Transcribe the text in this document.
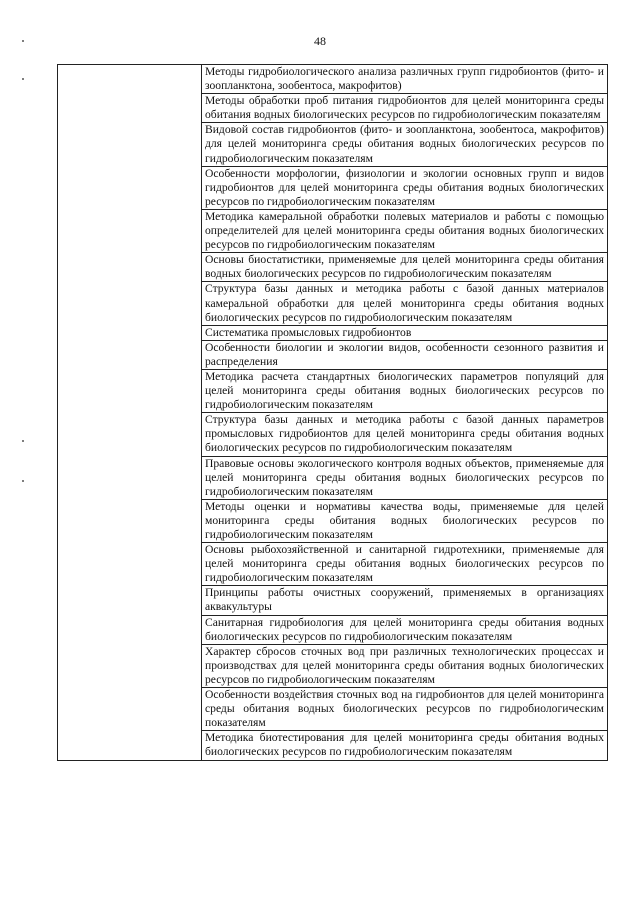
48

Методы гидробиологического анализа различных групп гидробионтов (фито- и зоопланктона, зообентоса, макрофитов)
Методы обработки проб питания гидробионтов для целей мониторинга среды обитания водных биологических ресурсов по гидробиологическим показателям
Видовой состав гидробионтов (фито- и зоопланктона, зообентоса, макрофитов) для целей мониторинга среды обитания водных биологических ресурсов по гидробиологическим показателям
Особенности морфологии, физиологии и экологии основных групп и видов гидробионтов для целей мониторинга среды обитания водных биологических ресурсов по гидробиологическим показателям
Методика камеральной обработки полевых материалов и работы с помощью определителей для целей мониторинга среды обитания водных биологических ресурсов по гидробиологическим показателям
Основы биостатистики, применяемые для целей мониторинга среды обитания водных биологических ресурсов по гидробиологическим показателям
Структура базы данных и методика работы с базой данных материалов камеральной обработки для целей мониторинга среды обитания водных биологических ресурсов по гидробиологическим показателям
Систематика промысловых гидробионтов
Особенности биологии и экологии видов, особенности сезонного развития и распределения
Методика расчета стандартных биологических параметров популяций для целей мониторинга среды обитания водных биологических ресурсов по гидробиологическим показателям
Структура базы данных и методика работы с базой данных параметров промысловых гидробионтов для целей мониторинга среды обитания водных биологических ресурсов по гидробиологическим показателям
Правовые основы экологического контроля водных объектов, применяемые для целей мониторинга среды обитания водных биологических ресурсов по гидробиологическим показателям
Методы оценки и нормативы качества воды, применяемые для целей мониторинга среды обитания водных биологических ресурсов по гидробиологическим показателям
Основы рыбохозяйственной и санитарной гидротехники, применяемые для целей мониторинга среды обитания водных биологических ресурсов по гидробиологическим показателям
Принципы работы очистных сооружений, применяемых в организациях аквакультуры
Санитарная гидробиология для целей мониторинга среды обитания водных биологических ресурсов по гидробиологическим показателям
Характер сбросов сточных вод при различных технологических процессах и производствах для целей мониторинга среды обитания водных биологических ресурсов по гидробиологическим показателям
Особенности воздействия сточных вод на гидробионтов для целей мониторинга среды обитания водных биологических ресурсов по гидробиологическим показателям
Методика биотестирования для целей мониторинга среды обитания водных биологических ресурсов по гидробиологическим показателям
